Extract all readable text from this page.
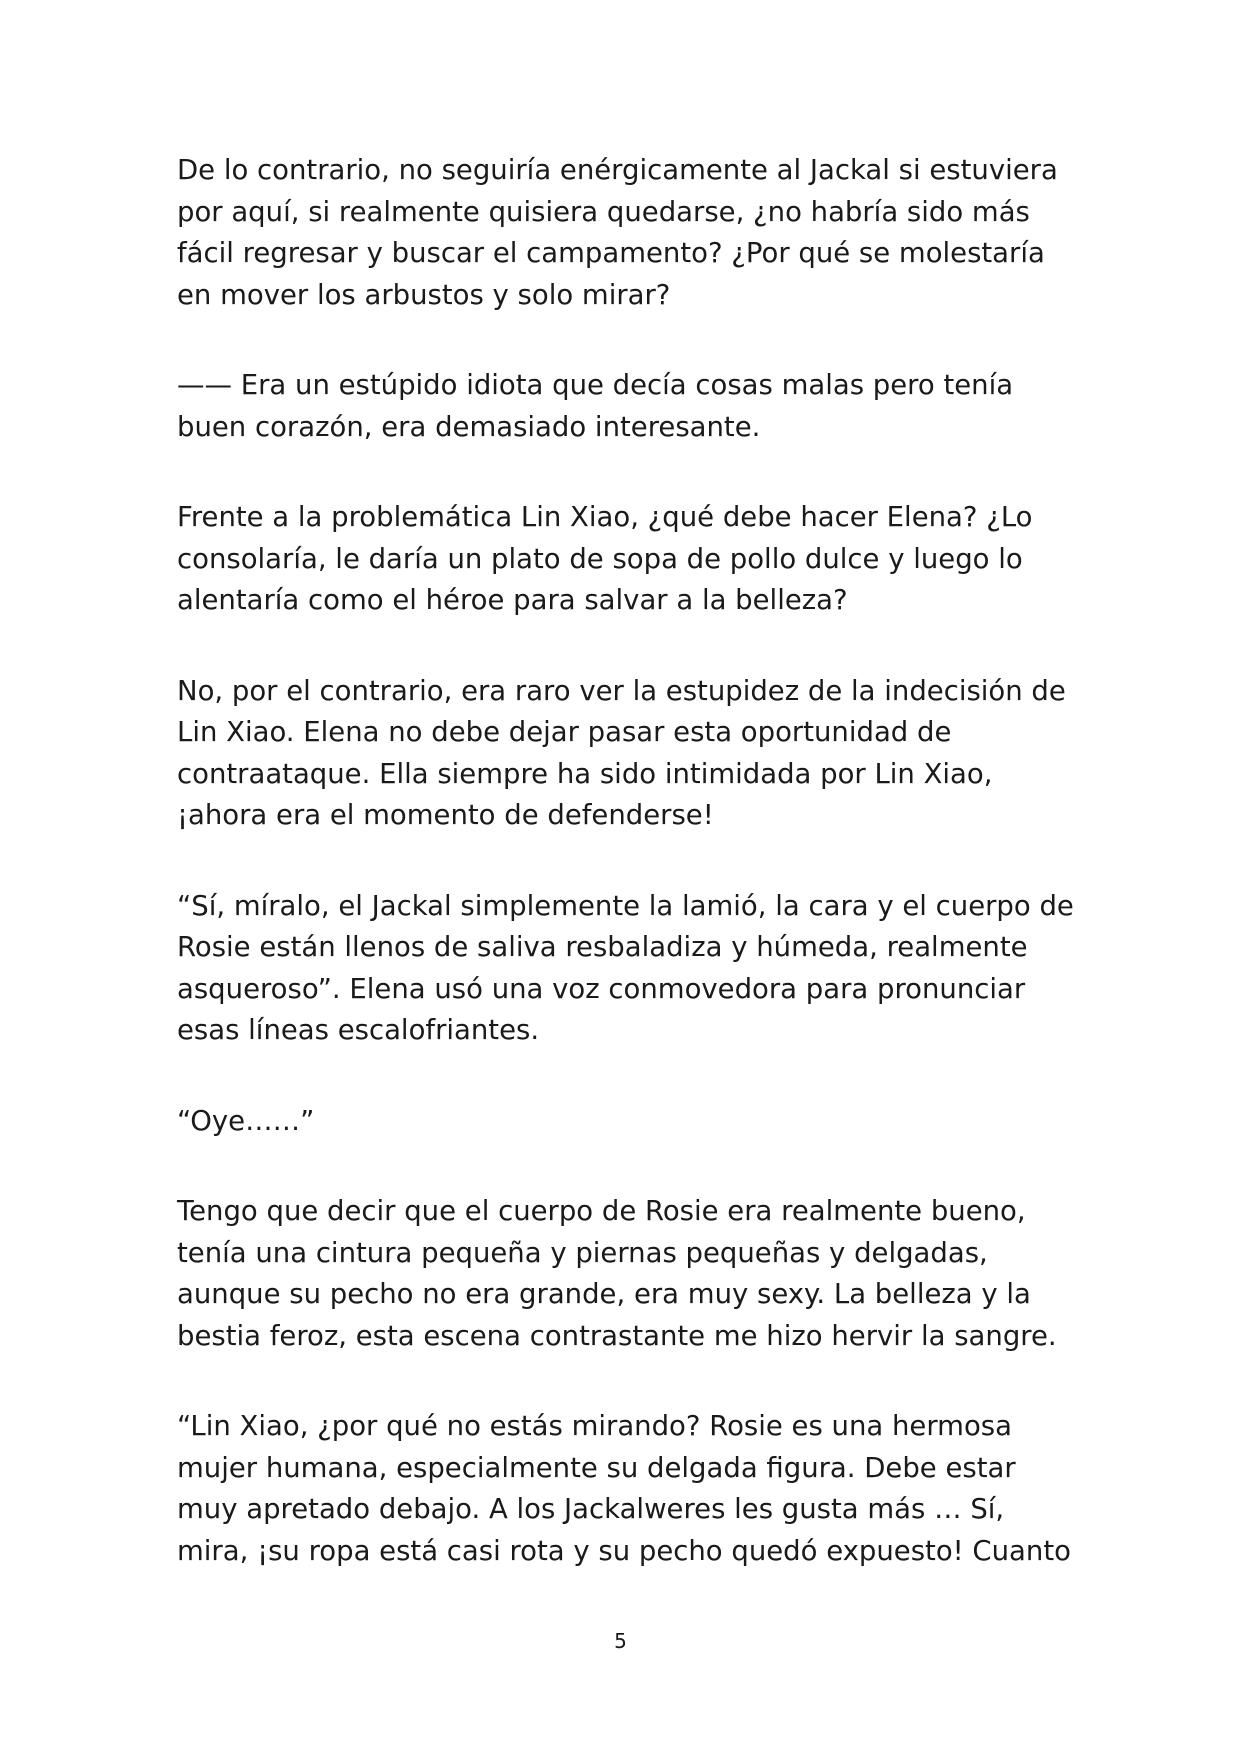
De lo contrario, no seguiría enérgicamente al Jackal si estuviera
por aquí, si realmente quisiera quedarse, ¿no habría sido más
fácil regresar y buscar el campamento? ¿Por qué se molestaría
en mover los arbustos y solo mirar?

—— Era un estúpido idiota que decía cosas malas pero tenía
buen corazón, era demasiado interesante.

Frente a la problemática Lin Xiao, ¿qué debe hacer Elena? ¿Lo
consolaría, le daría un plato de sopa de pollo dulce y luego lo
alentaría como el héroe para salvar a la belleza?

No, por el contrario, era raro ver la estupidez de la indecisión de
Lin Xiao. Elena no debe dejar pasar esta oportunidad de
contraataque. Ella siempre ha sido intimidada por Lin Xiao,
¡ahora era el momento de defenderse!

“Sí, míralo, el Jackal simplemente la lamió, la cara y el cuerpo de
Rosie están llenos de saliva resbaladiza y húmeda, realmente
asqueroso”. Elena usó una voz conmovedora para pronunciar
esas líneas escalofriantes.

“Oye……”

Tengo que decir que el cuerpo de Rosie era realmente bueno,
tenía una cintura pequeña y piernas pequeñas y delgadas,
aunque su pecho no era grande, era muy sexy. La belleza y la
bestia feroz, esta escena contrastante me hizo hervir la sangre.

“Lin Xiao, ¿por qué no estás mirando? Rosie es una hermosa
mujer humana, especialmente su delgada figura. Debe estar
muy apretado debajo. A los Jackalweres les gusta más … Sí,
mira, ¡su ropa está casi rota y su pecho quedó expuesto! Cuanto

5
